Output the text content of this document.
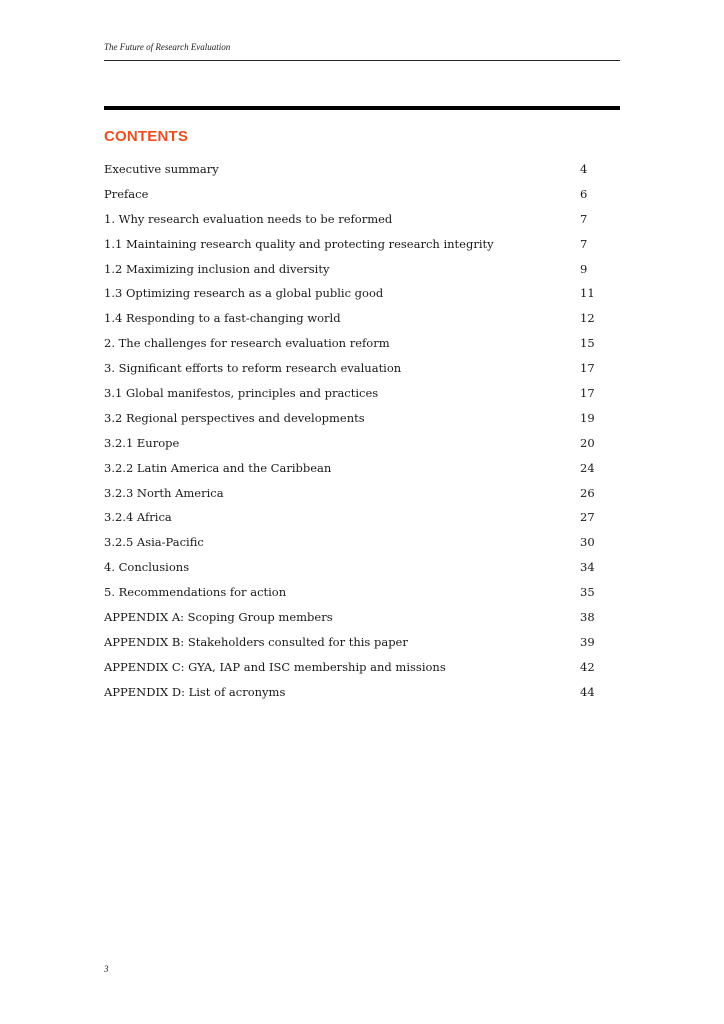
The Future of Research Evaluation
CONTENTS
Executive summary	4
Preface	6
1. Why research evaluation needs to be reformed	7
1.1 Maintaining research quality and protecting research integrity	7
1.2 Maximizing inclusion and diversity	9
1.3 Optimizing research as a global public good	11
1.4 Responding to a fast-changing world	12
2. The challenges for research evaluation reform	15
3. Significant efforts to reform research evaluation	17
3.1 Global manifestos, principles and practices	17
3.2 Regional perspectives and developments	19
3.2.1 Europe	20
3.2.2 Latin America and the Caribbean	24
3.2.3 North America	26
3.2.4 Africa	27
3.2.5 Asia-Pacific	30
4. Conclusions	34
5. Recommendations for action	35
APPENDIX A: Scoping Group members	38
APPENDIX B: Stakeholders consulted for this paper	39
APPENDIX C: GYA, IAP and ISC membership and missions	42
APPENDIX D: List of acronyms	44
3
